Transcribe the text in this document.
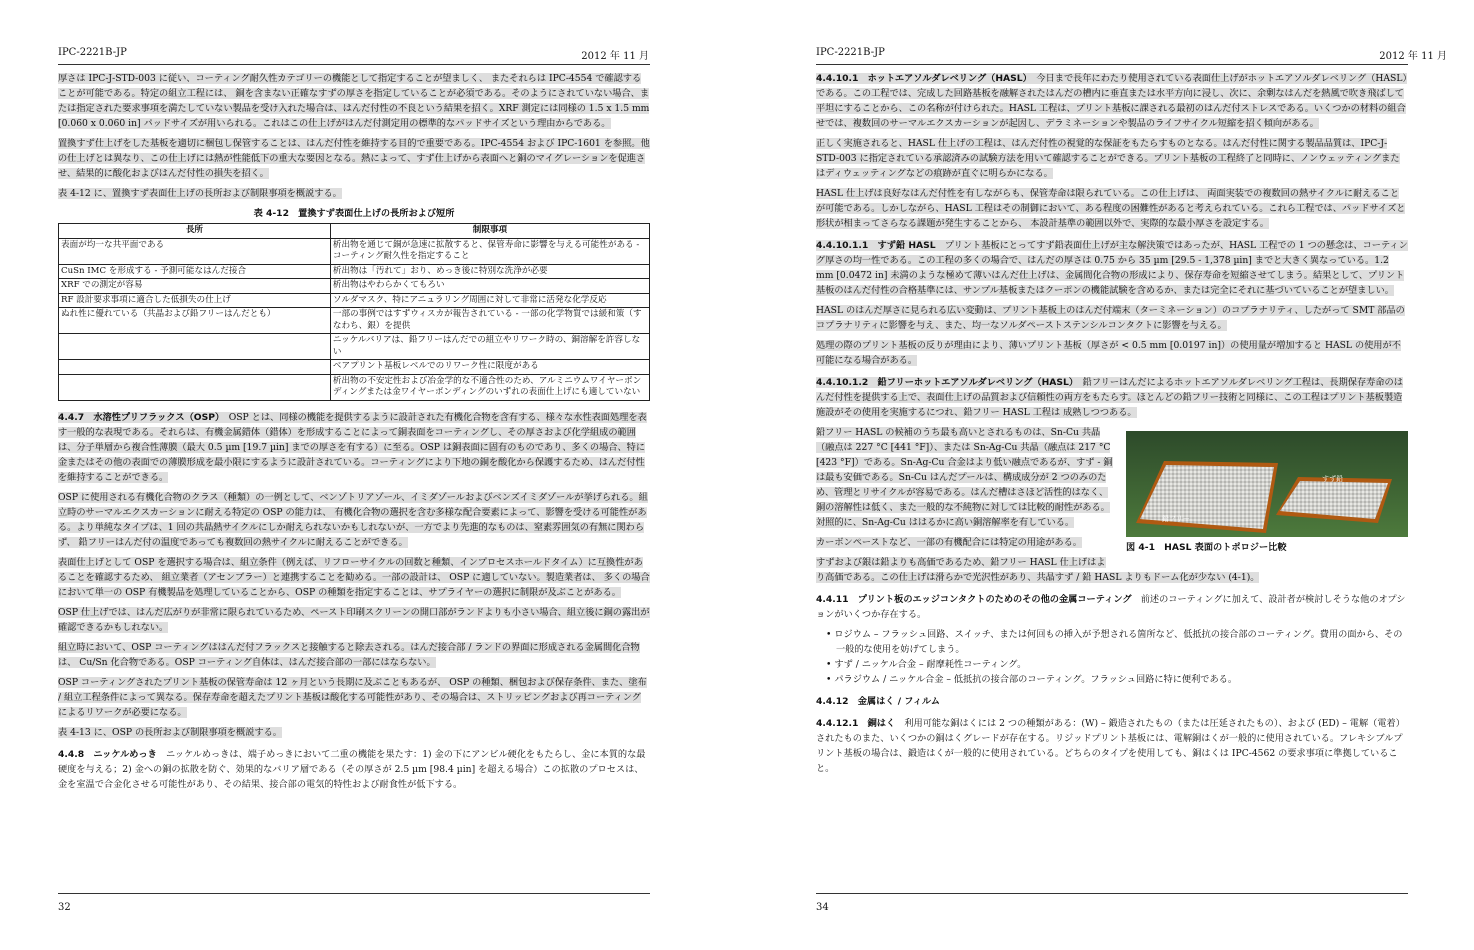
IPC-2221B-JP	2012 年 11 月

厚さは IPC-J-STD-003 に従い、コーティング耐久性カテゴリーの機能として指定することが望ましく、 またそれらは IPC-4554 で確認することが可能である。特定の組立工程には、 銅を含まない正確なすずの厚さを指定していることが必須である。そのようにされていない場合、または指定された要求事項を満たしていない製品を受け入れた場合は、はんだ付性の不良という結果を招く。XRF 測定には同様の 1.5 x 1.5 mm [0.060 x 0.060 in] パッドサイズが用いられる。これはこの仕上げがはんだ付測定用の標準的なパッドサイズという理由からである。

置換すず仕上げをした基板を適切に梱包し保管することは、はんだ付性を維持する目的で重要である。IPC-4554 および IPC-1601 を参照。他の仕上げとは異なり、この仕上げには熱が性能低下の重大な要因となる。熱によって、すず仕上げから表面へと銅のマイグレーションを促進させ、結果的に酸化およびはんだ付性の損失を招く。

表 4-12 に、置換すず表面仕上げの長所および制限事項を概説する。

表 4-12　置換すず表面仕上げの長所および短所
長所	制限事項
表面が均一な共平面である	析出物を通じて銅が急速に拡散すると、保管寿命に影響を与える可能性がある - コーティング耐久性を指定すること
CuSn IMC を形成する - 予測可能なはんだ接合	析出物は「汚れて」おり、めっき後に特別な洗浄が必要
XRF での測定が容易	析出物はやわらかくてもろい
RF 設計要求事項に適合した低損失の仕上げ	ソルダマスク、特にアニュラリング周囲に対して非常に活発な化学反応
ぬれ性に優れている（共晶および鉛フリーはんだとも）	一部の事例ではすずウィスカが報告されている - 一部の化学物質では緩和策（すなわち、銀）を提供
	ニッケルバリアは、鉛フリーはんだでの組立やリワーク時の、銅溶解を許容しない
	ベアプリント基板レベルでのリワーク性に限度がある
	析出物の不安定性および冶金学的な不適合性のため、アルミニウムワイヤーボンディングまたは金ワイヤーボンディングのいずれの表面仕上げにも適していない

4.4.7　 水溶性プリフラックス（OSP）　 OSP とは、同様の機能を提供するように設計された有機化合物を含有する、様々な水性表面処理を表す一般的な表現である。それらは、有機金属錯体（錯体）を形成することによって銅表面をコーティングし、その厚さおよび化学組成の範囲は、分子単層から複合性薄膜（最大 0.5 µm [19.7 µin] までの厚さを有する）に至る。OSP は銅表面に固有のものであり、多くの場合、特に金またはその他の表面での薄膜形成を最小限にするように設計されている。コーティングにより下地の銅を酸化から保護するため、はんだ付性を維持することができる。

OSP に使用される有機化合物のクラス（種類）の一例として、ベンゾトリアゾール、イミダゾールおよびベンズイミダゾールが挙げられる。組立時のサーマルエクスカーションに耐える特定の OSP の能力は、 有機化合物の選択を含む多様な配合要素によって、影響を受ける可能性がある。より単純なタイプは、1 回の共晶熱サイクルにしか耐えられないかもしれないが、一方でより先進的なものは、窒素雰囲気の有無に関わらず、 鉛フリーはんだ付の温度であっても複数回の熱サイクルに耐えることができる。

表面仕上げとして OSP を選択する場合は、組立条件（例えば、リフローサイクルの回数と種類、インプロセスホールドタイム）に互換性があることを確認するため、 組立業者（アセンブラー）と連携することを勧める。一部の設計は、 OSP に適していない。製造業者は、 多くの場合において単一の OSP 有機製品を処理していることから、OSP の種類を指定することは、サプライヤーの選択に制限が及ぶことがある。

OSP 仕上げでは、はんだ広がりが非常に限られているため、ペースト印刷スクリーンの開口部がランドよりも小さい場合、組立後に銅の露出が確認できるかもしれない。

組立時において、OSP コーティングははんだ付フラックスと接触すると除去される。はんだ接合部 / ランドの界面に形成される金属間化合物は、 Cu/Sn 化合物である。OSP コーティング自体は、はんだ接合部の一部にはならない。

OSP コーティングされたプリント基板の保管寿命は 12 ヶ月という長期に及ぶこともあるが、 OSP の種類、梱包および保存条件、また、塗布 / 組立工程条件によって異なる。保存寿命を超えたプリント基板は酸化する可能性があり、その場合は、ストリッピングおよび再コーティングによるリワークが必要になる。

表 4-13 に、OSP の長所および制限事項を概説する。

4.4.8　 ニッケルめっき　 ニッケルめっきは、端子めっきにおいて二重の機能を果たす：1) 金の下にアンビル硬化をもたらし、金に本質的な最硬度を与える；2) 金への銅の拡散を防ぐ、効果的なバリア層である（その厚さが 2.5 µm [98.4 µin] を超える場合）この拡散のプロセスは、金を室温で合金化させる可能性があり、その結果、接合部の電気的特性および耐食性が低下する。

32
IPC-2221B-JP	2012 年 11 月

4.4.10.1　 ホットエアソルダレベリング（HASL）　 今日まで長年にわたり使用されている表面仕上げがホットエアソルダレベリング（HASL）である。この工程では、完成した回路基板を融解されたはんだの槽内に垂直または水平方向に浸し、次に、余剰なはんだを熱風で吹き飛ばして平坦にすることから、この名称が付けられた。HASL 工程は、プリント基板に課される最初のはんだ付ストレスである。いくつかの材料の組合せでは、複数回のサーマルエクスカーションが起因し、デラミネーションや製品のライフサイクル短縮を招く傾向がある。

正しく実施されると、HASL 仕上げの工程は、はんだ付性の視覚的な保証をもたらすものとなる。はんだ付性に関する製品品質は、IPC-J-STD-003 に指定されている承認済みの試験方法を用いて確認することができる。プリント基板の工程終了と同時に、ノンウェッティングまたはディウェッティングなどの痕跡が直ぐに明らかになる。

HASL 仕上げは良好なはんだ付性を有しながらも、保管寿命は限られている。この仕上げは、 両面実装での複数回の熱サイクルに耐えることが可能である。しかしながら、HASL 工程はその制御において、ある程度の困難性があると考えられている。これら工程では、パッドサイズと形状が相まってさらなる課題が発生することから、 本設計基準の範囲以外で、実際的な最小厚さを設定する。

4.4.10.1.1　 すず鉛 HASL　 プリント基板にとってすず鉛表面仕上げが主な解決策ではあったが、HASL 工程での 1 つの懸念は、コーティング厚さの均一性である。この工程の多くの場合で、はんだの厚さは 0.75 から 35 µm [29.5 - 1,378 µin] までと大きく異なっている。1.2 mm [0.0472 in] 未満のような極めて薄いはんだ仕上げは、金属間化合物の形成により、保存寿命を短縮させてしまう。結果として、プリント基板のはんだ付性の合格基準には、サンプル基板またはクーポンの機能試験を含めるか、または完全にそれに基づいていることが望ましい。

HASL のはんだ厚さに見られる広い変動は、プリント基板上のはんだ付端末（ターミネーション）のコプラナリティ、したがって SMT 部品のコプラナリティに影響を与え、また、均一なソルダペーストステンシルコンタクトに影響を与える。

処理の際のプリント基板の反りが理由により、薄いプリント基板（厚さが < 0.5 mm [0.0197 in]）の使用量が増加すると HASL の使用が不可能になる場合がある。

4.4.10.1.2　 鉛フリーホットエアソルダレベリング（HASL）　 鉛フリーはんだによるホットエアソルダレベリング工程は、長期保存寿命のはんだ付性を提供する上で、表面仕上げの品質および信頼性の両方をもたらす。ほとんどの鉛フリー技術と同様に、この工程はプリント基板製造施設がその使用を実施するにつれ、鉛フリー HASL 工程は 成熟しつつある。

すず鉛
鉛フリー
図 4-1　HASL 表面のトポロジー比較

鉛フリー HASL の候補のうち最も高いとされるものは、Sn-Cu 共晶（融点は 227 °C [441 °F]）、または Sn-Ag-Cu 共晶（融点は 217 °C [423 °F]）である。Sn-Ag-Cu 合金はより低い融点であるが、すず - 銅は最も安価である。Sn-Cu はんだプールは、構成成分が 2 つのみのため、管理とリサイクルが容易である。はんだ槽はさほど活性的はなく、銅の溶解性は低く、また一般的な不純物に対しては比較的耐性がある。対照的に、Sn-Ag-Cu ははるかに高い銅溶解率を有している。

カーボンペーストなど、一部の有機配合には特定の用途がある。

すずおよび銀は鉛よりも高価であるため、鉛フリー HASL 仕上げはより高価である。この仕上げは滑らかで光沢性があり、共晶すず / 鉛 HASL よりもドーム化が少ない (4-1)。

4.4.11　 プリント板のエッジコンタクトのためのその他の金属コーティング　 前述のコーティングに加えて、設計者が検討しそうな他のオプションがいくつか存在する。

• ロジウム – フラッシュ回路、スイッチ、または何回もの挿入が予想される箇所など、低抵抗の接合部のコーティング。費用の面から、その一般的な使用を妨げてしまう。
• すず / ニッケル合金 – 耐摩耗性コーティング。
• パラジウム / ニッケル合金 – 低抵抗の接合部のコーティング。フラッシュ回路に特に便利である。

4.4.12　 金属はく / フィルム

4.4.12.1　 銅はく　 利用可能な銅はくには 2 つの種類がある：(W) – 鍛造されたもの（または圧延されたもの）、および (ED) – 電解（電着）されたものまた、いくつかの銅はくグレードが存在する。リジッドプリント基板には、電解銅はくが一般的に使用されている。フレキシブルプリント基板の場合は、鍛造はくが一般的に使用されている。どちらのタイプを使用しても、銅はくは IPC-4562 の要求事項に準拠していること。

34
